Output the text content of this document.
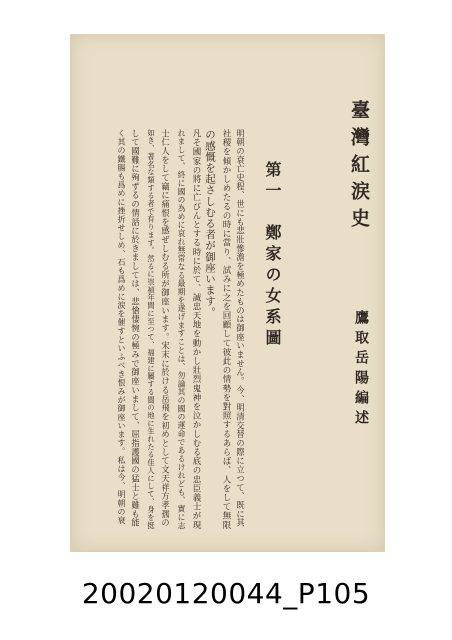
臺灣紅涙史
鷹取岳陽編述
第一　鄭家の女系圖
明朝の衰亡史程、世にも悲壯慘澹を極めたものは御座いません。今、明清交替の際に立つて、既に其
社稷を傾かしめたるの時に當り、試みに之を回顧して彼此の情勢を對照するあらば、人をして無限
の感慨を起さしむる者が御座います。
凡そ國家の將に亡びんとする時に於て、誠忠天地を動かし壯烈鬼神を泣かしむる底の忠臣義士が現
れまして、終に國の為めに哀れ無常なる最期を遂げますことは、勿論其の國の運命であるけれども、實に志
士仁人をして竊に痛恨を感ぜしむる所が御座います。宋末に於ける岳飛を初めとして文天祥方孝孺の
如き、著名な類する者で有ります。然るに崇禎年間に至つて、福建に屬する閩の地に生れたる佳人にして、身を挺
して國難に殉ずるの情話に於きましては、悲愴悽惋の極みで御座いまして、屈指護國の猛士と雖も能
く其の鐵腸も爲めに挫折せしめ、石も爲めに涙を催すといふべき恨みが御座います。私は今、明朝の衰
20020120044_P105
